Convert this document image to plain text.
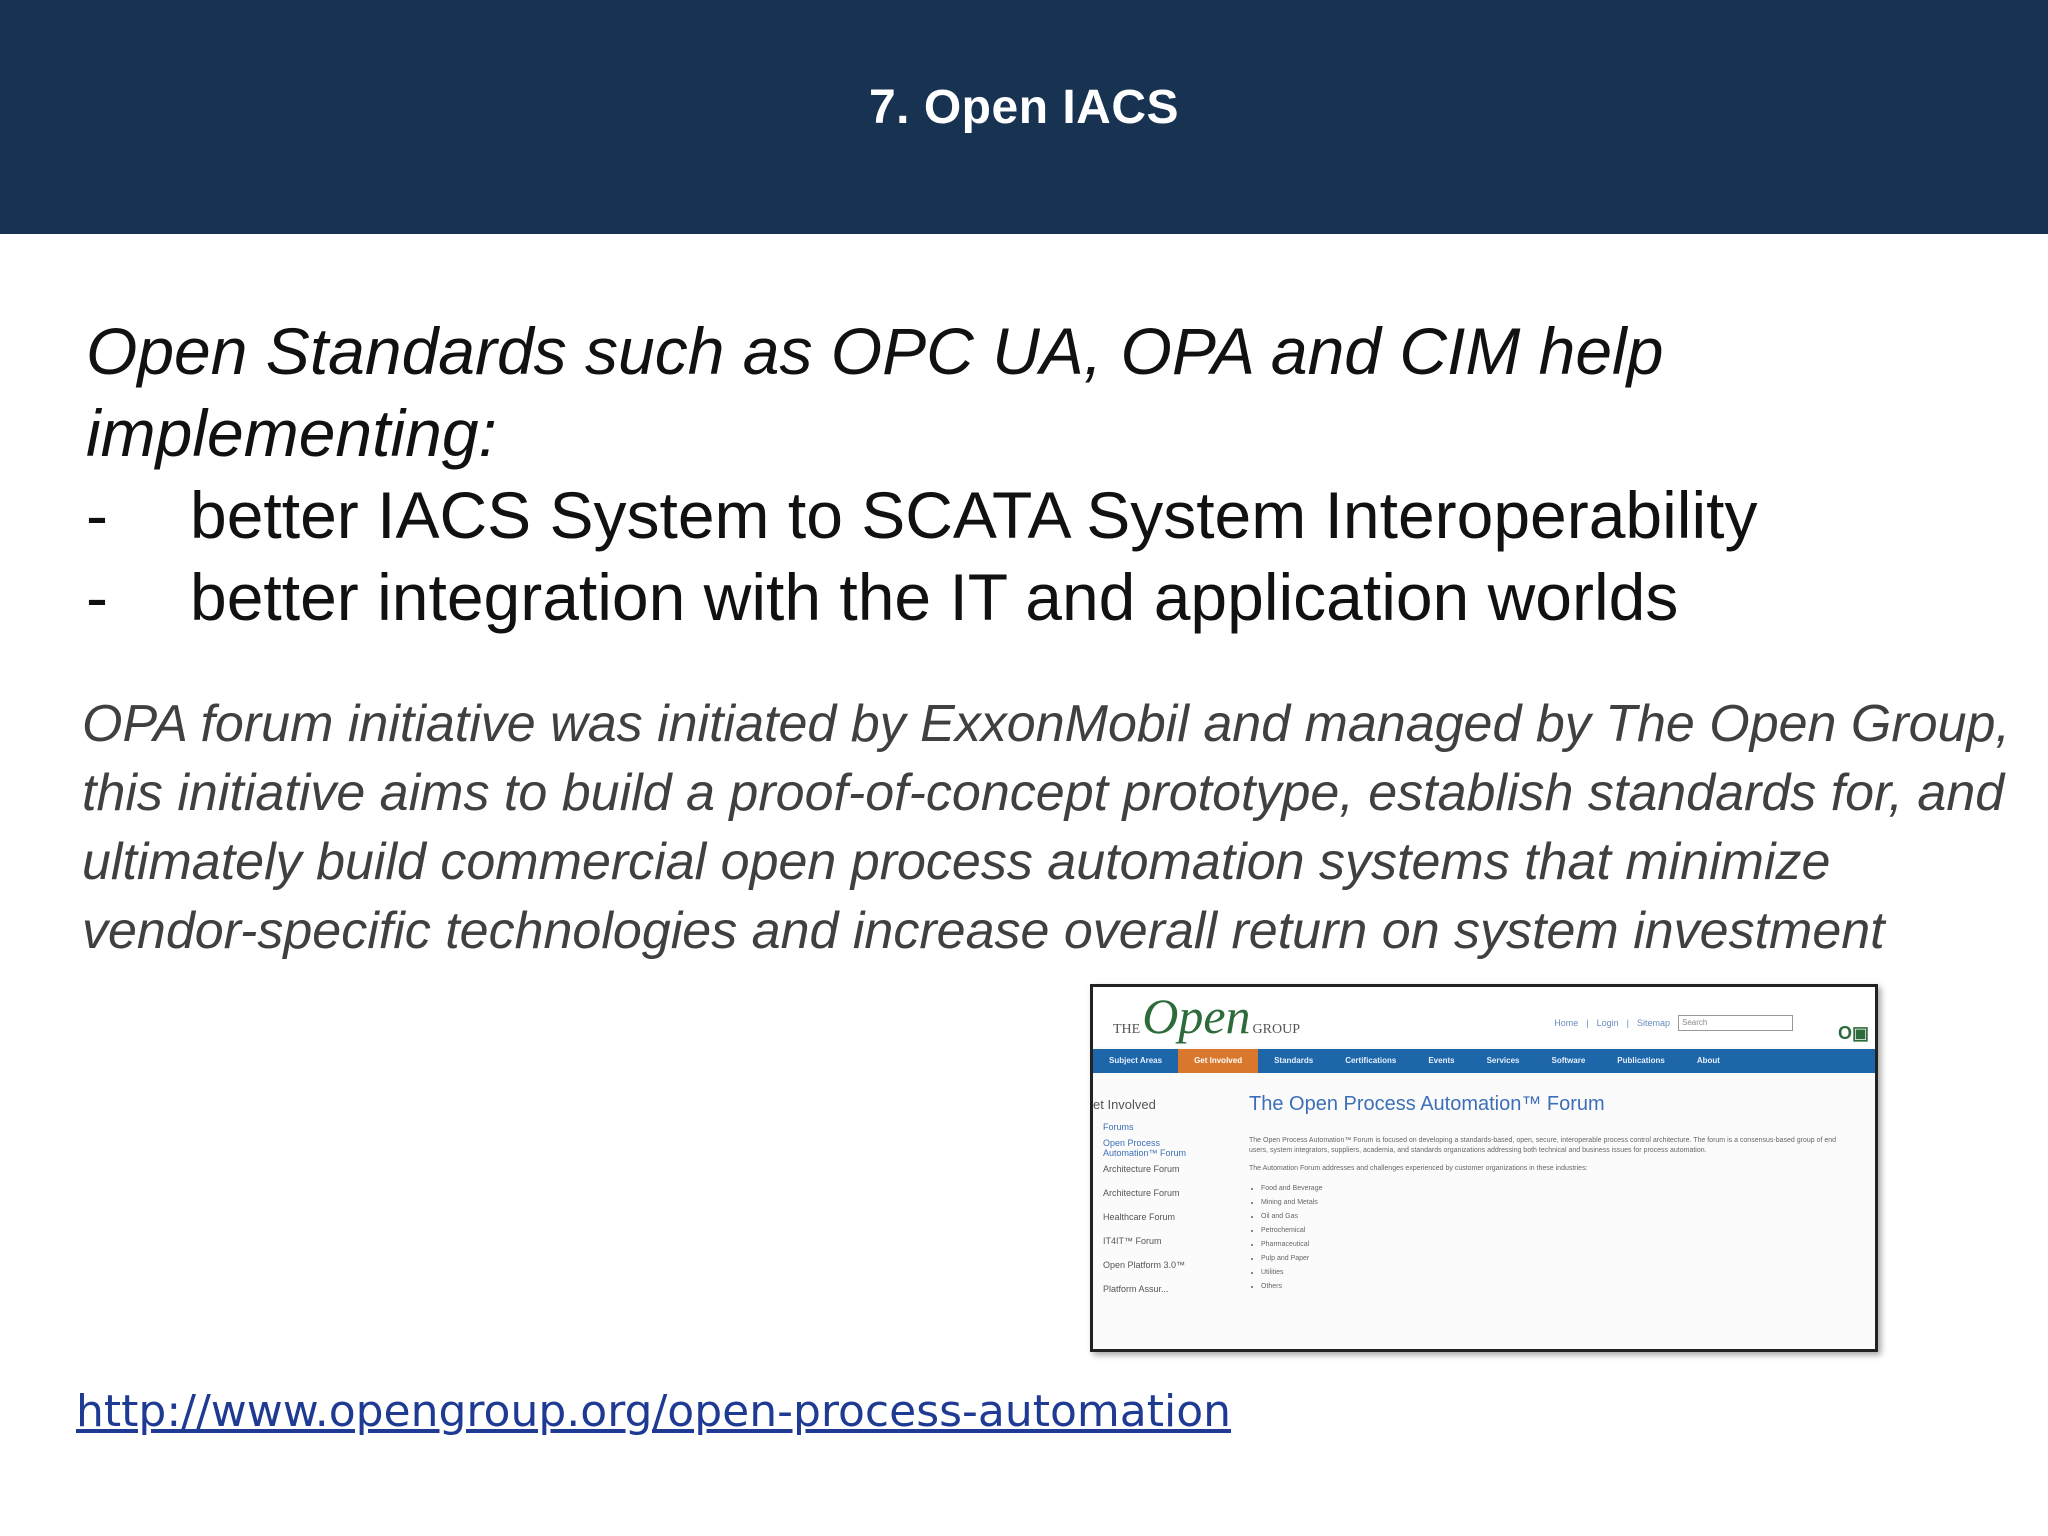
7. Open IACS
Open Standards such as OPC UA, OPA and CIM help implementing:
-	better IACS System to SCATA System Interoperability
-	better integration with the IT and application worlds
OPA forum initiative was initiated by ExxonMobil and managed by The Open Group, this initiative aims to build a proof-of-concept prototype, establish standards for, and ultimately build commercial open process automation systems that minimize vendor-specific technologies and increase overall return on system investment
THE Open GROUP	Home | Login | Sitemap	Search
O▣
Subject Areas	Get Involved	Standards	Certifications	Events	Services	Software	Publications	About
et Involved
Forums
Open Process Automation™ Forum
Architecture Forum
Architecture Forum
Healthcare Forum
IT4IT™ Forum
Open Platform 3.0™
Platform Assur...
The Open Process Automation™ Forum
The Open Process Automation™ Forum is focused on developing a standards-based, open, secure, interoperable process control architecture. The forum is a consensus-based group of end users, system integrators, suppliers, academia, and standards organizations addressing both technical and business issues for process automation.
The Automation Forum addresses and challenges experienced by customer organizations in these industries:
• Food and Beverage
• Mining and Metals
• Oil and Gas
• Petrochemical
• Pharmaceutical
• Pulp and Paper
• Utilities
• Others
http://www.opengroup.org/open-process-automation
